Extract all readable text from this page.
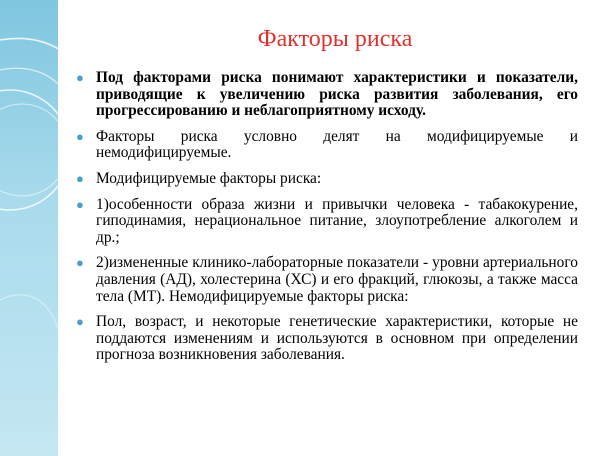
Факторы риска
● Под факторами риска понимают характеристики и показатели, приводящие к увеличению риска развития заболевания, его прогрессированию и неблагоприятному исходу.
● Факторы риска условно делят на модифицируемые и немодифицируемые.
● Модифицируемые факторы риска:
● 1)особенности образа жизни и привычки человека - табакокурение, гиподинамия, нерациональное питание, злоупотребление алкоголем и др.;
● 2)измененные клинико-лабораторные показатели - уровни артериального давления (АД), холестерина (ХС) и его фракций, глюкозы, а также масса тела (МТ). Немодифицируемые факторы риска:
● Пол, возраст, и некоторые генетические характеристики, которые не поддаются изменениям и используются в основном при определении прогноза возникновения заболевания.
